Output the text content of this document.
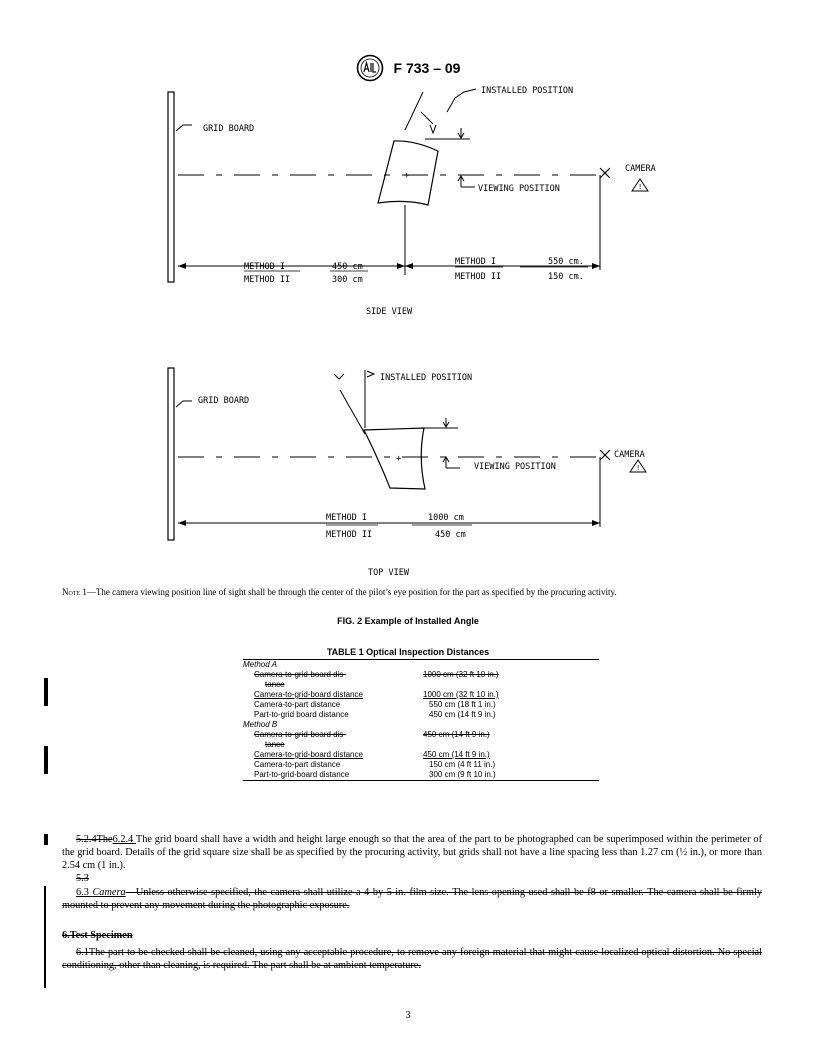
F 733 – 09
GRID BOARD
CAMERA
!
+
INSTALLED POSITION
VIEWING POSITION
METHOD I	450 cm
METHOD II	300 cm
METHOD I	550 cm.
METHOD II	150 cm.
SIDE VIEW
GRID BOARD
CAMERA
!
+
INSTALLED POSITION
VIEWING POSITION
METHOD I	1000 cm
METHOD II	450 cm
TOP VIEW
Note 1—The camera viewing position line of sight shall be through the center of the pilot’s eye position for the part as specified by the procuring activity.
FIG. 2 Example of Installed Angle
TABLE 1 Optical Inspection Distances
Method A	
Camera-to-grid-board dis-	1000 cm (32 ft 10 in.)
tance	
Camera-to-grid-board distance	1000 cm (32 ft 10 in.)
Camera-to-part distance	550 cm (18 ft 1 in.)
Part-to-grid board distance	450 cm (14 ft 9 in.)
Method B	
Camera-to-grid-board dis-	450 cm (14 ft 9 in.)
tance	
Camera-to-grid-board distance	450 cm (14 ft 9 in.)
Camera-to-part distance	150 cm (4 ft 11 in.)
Part-to-grid-board distance	300 cm (9 ft 10 in.)
5.2.4The6.2.4 The grid board shall have a width and height large enough so that the area of the part to be photographed can be superimposed within the perimeter of the grid board. Details of the grid square size shall be as specified by the procuring activity, but grids shall not have a line spacing less than 1.27 cm (½ in.), or more than 2.54 cm (1 in.).
5.3
6.3 Camera—Unless otherwise specified, the camera shall utilize a 4 by 5-in. film size. The lens opening used shall be f8 or smaller. The camera shall be firmly mounted to prevent any movement during the photographic exposure.
6.Test Specimen
6.1The part to be checked shall be cleaned, using any acceptable procedure, to remove any foreign material that might cause localized optical distortion. No special conditioning, other than cleaning, is required. The part shall be at ambient temperature.
3
